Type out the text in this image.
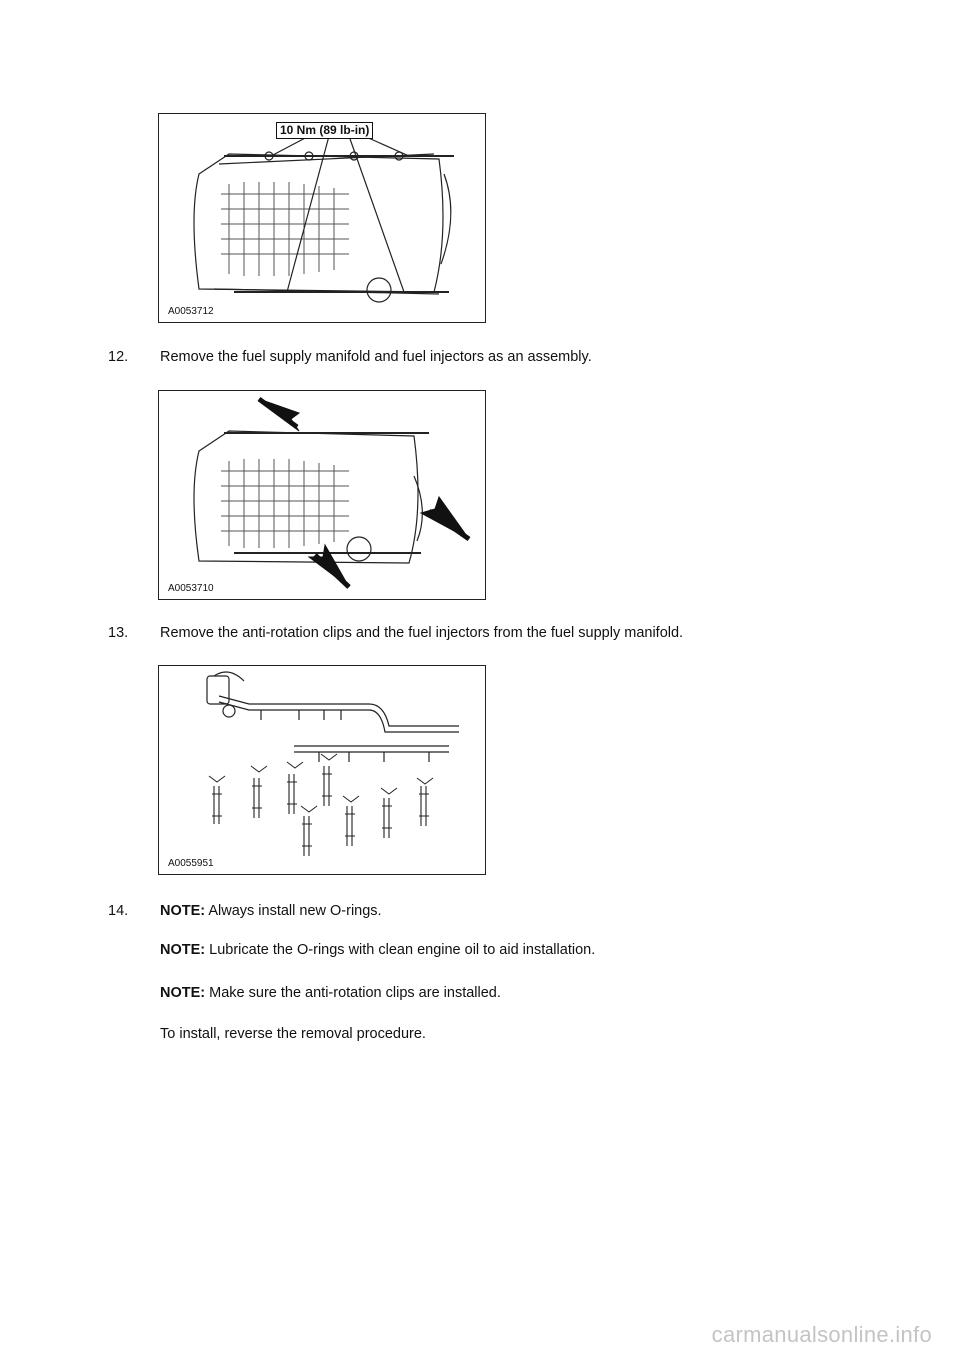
10 Nm (89 lb-in)
A0053712
12.	Remove the fuel supply manifold and fuel injectors as an assembly.
A0053710
13.	Remove the anti-rotation clips and the fuel injectors from the fuel supply manifold.
A0055951
14.	NOTE: Always install new O-rings.
NOTE: Lubricate the O-rings with clean engine oil to aid installation.
NOTE: Make sure the anti-rotation clips are installed.
To install, reverse the removal procedure.
carmanualsonline.info
